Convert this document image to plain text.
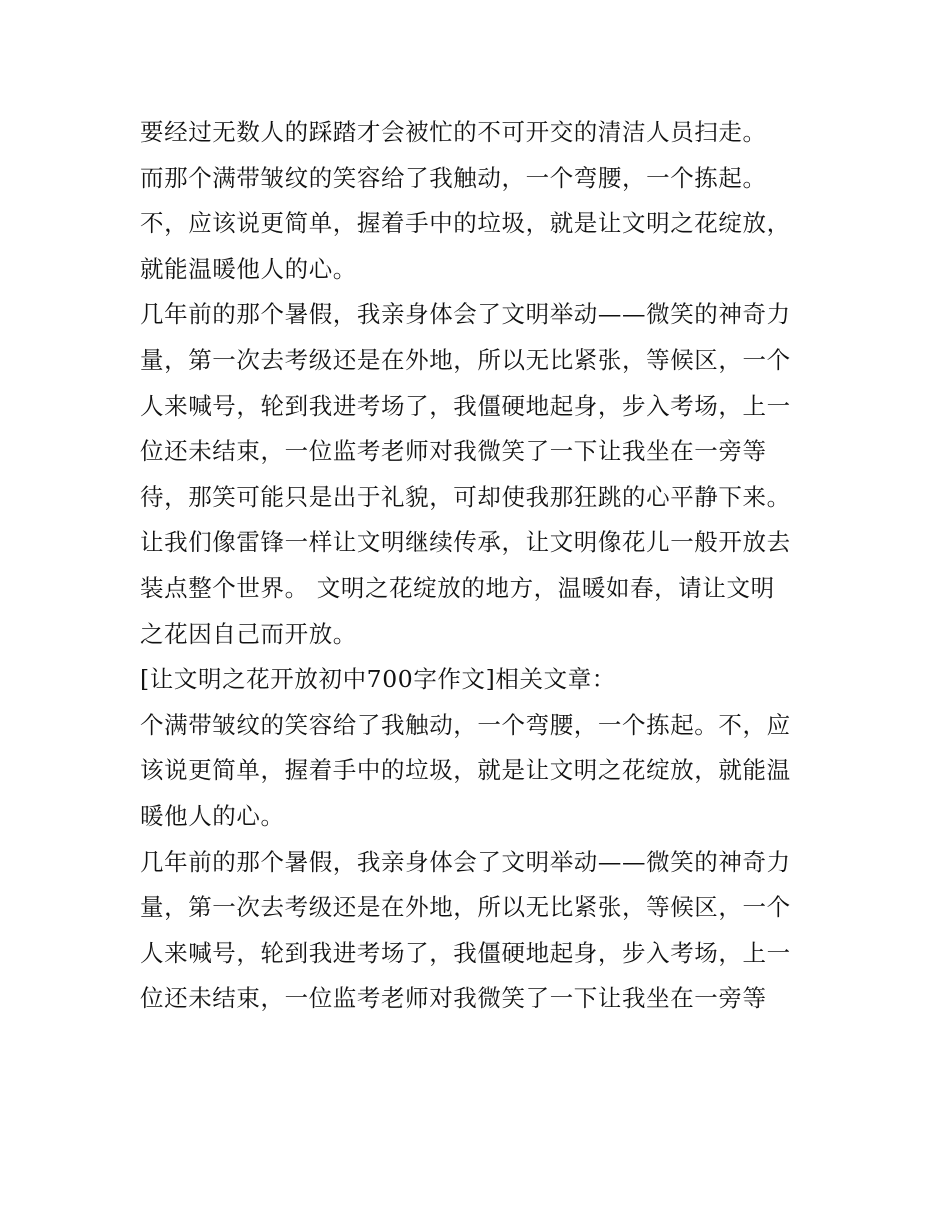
要经过无数人的踩踏才会被忙的不可开交的清洁人员扫走。
而那个满带皱纹的笑容给了我触动，一个弯腰，一个拣起。
不，应该说更简单，握着手中的垃圾，就是让文明之花绽放，
就能温暖他人的心。
几年前的那个暑假，我亲身体会了文明举动——微笑的神奇力
量，第一次去考级还是在外地，所以无比紧张，等候区，一个
人来喊号，轮到我进考场了，我僵硬地起身，步入考场，上一
位还未结束，一位监考老师对我微笑了一下让我坐在一旁等
待，那笑可能只是出于礼貌，可却使我那狂跳的心平静下来。
让我们像雷锋一样让文明继续传承，让文明像花儿一般开放去
装点整个世界。 文明之花绽放的地方，温暖如春，请让文明
之花因自己而开放。
[让文明之花开放初中700字作文]相关文章：
个满带皱纹的笑容给了我触动，一个弯腰，一个拣起。不，应
该说更简单，握着手中的垃圾，就是让文明之花绽放，就能温
暖他人的心。
几年前的那个暑假，我亲身体会了文明举动——微笑的神奇力
量，第一次去考级还是在外地，所以无比紧张，等候区，一个
人来喊号，轮到我进考场了，我僵硬地起身，步入考场，上一
位还未结束，一位监考老师对我微笑了一下让我坐在一旁等
